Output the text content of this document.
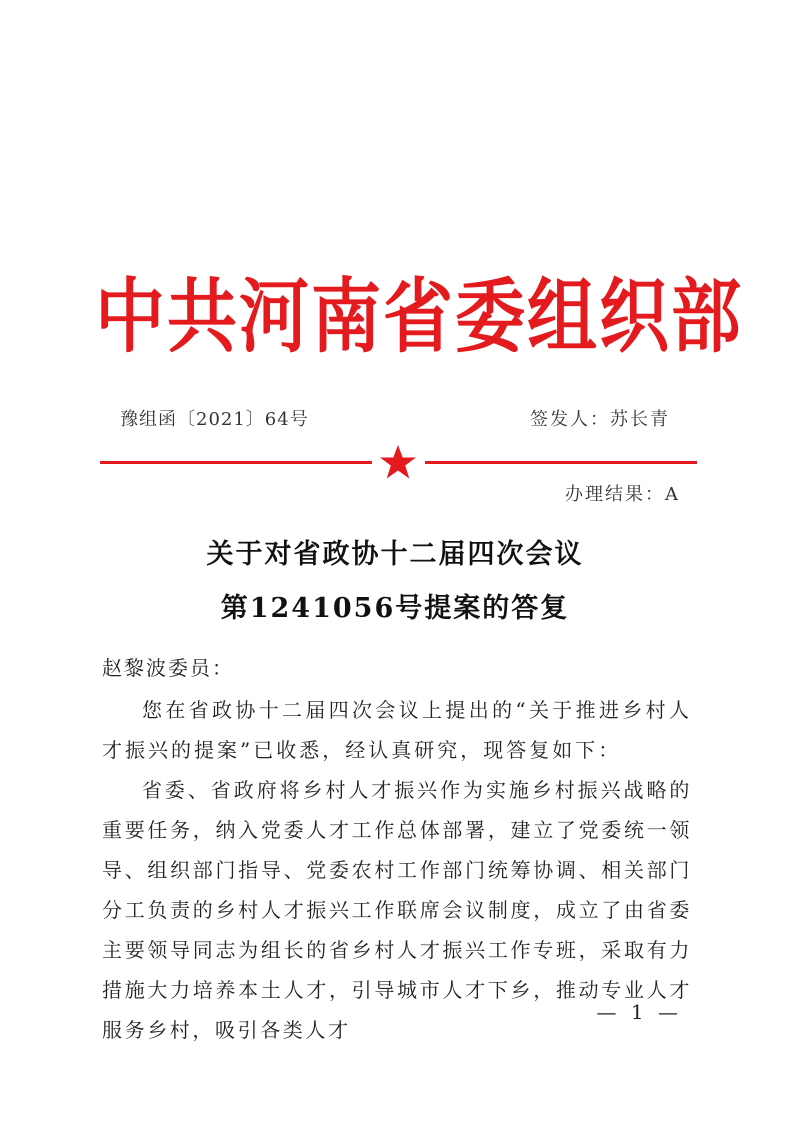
中共河南省委组织部
豫组函〔2021〕64号	签发人：苏长青
办理结果：A
关于对省政协十二届四次会议
第1241056号提案的答复
赵黎波委员：

您在省政协十二届四次会议上提出的“关于推进乡村人才振兴的提案”已收悉，经认真研究，现答复如下：

省委、省政府将乡村人才振兴作为实施乡村振兴战略的重要任务，纳入党委人才工作总体部署，建立了党委统一领导、组织部门指导、党委农村工作部门统筹协调、相关部门分工负责的乡村人才振兴工作联席会议制度，成立了由省委主要领导同志为组长的省乡村人才振兴工作专班，采取有力措施大力培养本土人才，引导城市人才下乡，推动专业人才服务乡村，吸引各类人才

— 1 —
